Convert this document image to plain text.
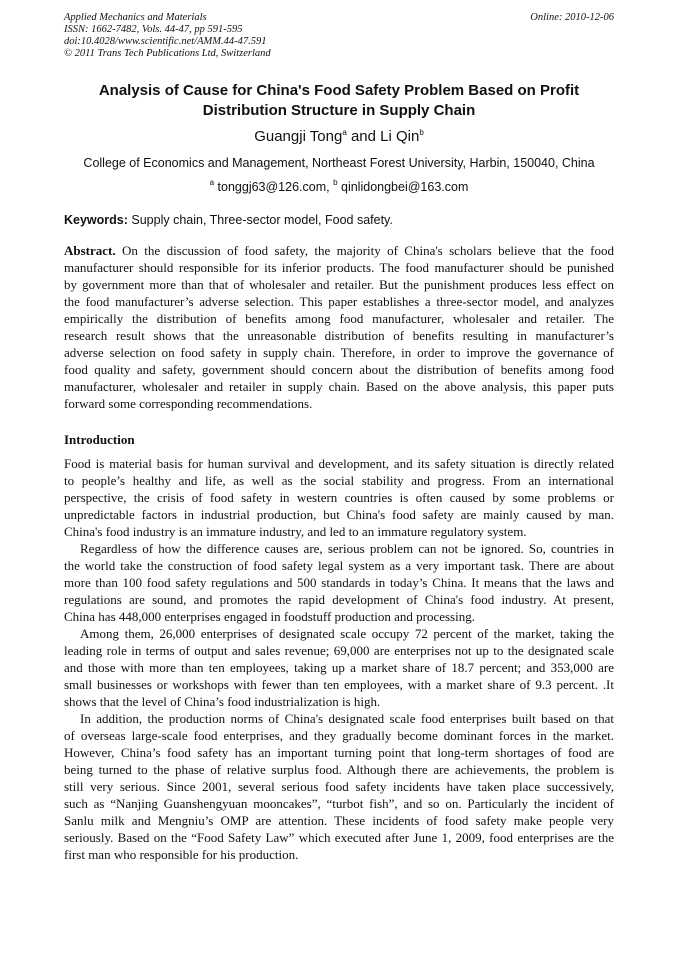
Applied Mechanics and Materials
ISSN: 1662-7482, Vols. 44-47, pp 591-595
doi:10.4028/www.scientific.net/AMM.44-47.591
© 2011 Trans Tech Publications Ltd, Switzerland
Online: 2010-12-06
Analysis of Cause for China's Food Safety Problem Based on Profit
Distribution Structure in Supply Chain
Guangji Tong$^a$ and Li Qin$^b$
College of Economics and Management, Northeast Forest University, Harbin, 150040, China
$^a$ tonggj63@126.com, $^b$ qinlidongbei@163.com
Keywords: Supply chain, Three-sector model, Food safety.
Abstract. On the discussion of food safety, the majority of China's scholars believe that the food
manufacturer should responsible for its inferior products. The food manufacturer should be punished
by government more than that of wholesaler and retailer. But the punishment produces less effect on
the food manufacturer’s adverse selection. This paper establishes a three-sector model, and analyzes
empirically the distribution of benefits among food manufacturer, wholesaler and retailer. The
research result shows that the unreasonable distribution of benefits resulting in manufacturer’s
adverse selection on food safety in supply chain. Therefore, in order to improve the governance of
food quality and safety, government should concern about the distribution of benefits among food
manufacturer, wholesaler and retailer in supply chain. Based on the above analysis, this paper puts
forward some corresponding recommendations.
Introduction
Food is material basis for human survival and development, and its safety situation is directly related
to people’s healthy and life, as well as the social stability and progress. From an international
perspective, the crisis of food safety in western countries is often caused by some problems or
unpredictable factors in industrial production, but China's food safety are mainly caused by man.
China's food industry is an immature industry, and led to an immature regulatory system.
Regardless of how the difference causes are, serious problem can not be ignored. So, countries in
the world take the construction of food safety legal system as a very important task. There are about
more than 100 food safety regulations and 500 standards in today’s China. It means that the laws and
regulations are sound, and promotes the rapid development of China's food industry. At present,
China has 448,000 enterprises engaged in foodstuff production and processing.
Among them, 26,000 enterprises of designated scale occupy 72 percent of the market, taking the
leading role in terms of output and sales revenue; 69,000 are enterprises not up to the designated scale
and those with more than ten employees, taking up a market share of 18.7 percent; and 353,000 are
small businesses or workshops with fewer than ten employees, with a market share of 9.3 percent. .It
shows that the level of China’s food industrialization is high.
In addition, the production norms of China's designated scale food enterprises built based on that
of overseas large-scale food enterprises, and they gradually become dominant forces in the market.
However, China’s food safety has an important turning point that long-term shortages of food are
being turned to the phase of relative surplus food. Although there are achievements, the problem is
still very serious. Since 2001, several serious food safety incidents have taken place successively,
such as “Nanjing Guanshengyuan mooncakes”, “turbot fish”, and so on. Particularly the incident of
Sanlu milk and Mengniu’s OMP are attention. These incidents of food safety make people very
seriously. Based on the “Food Safety Law” which executed after June 1, 2009, food enterprises are the
first man who responsible for his production.
